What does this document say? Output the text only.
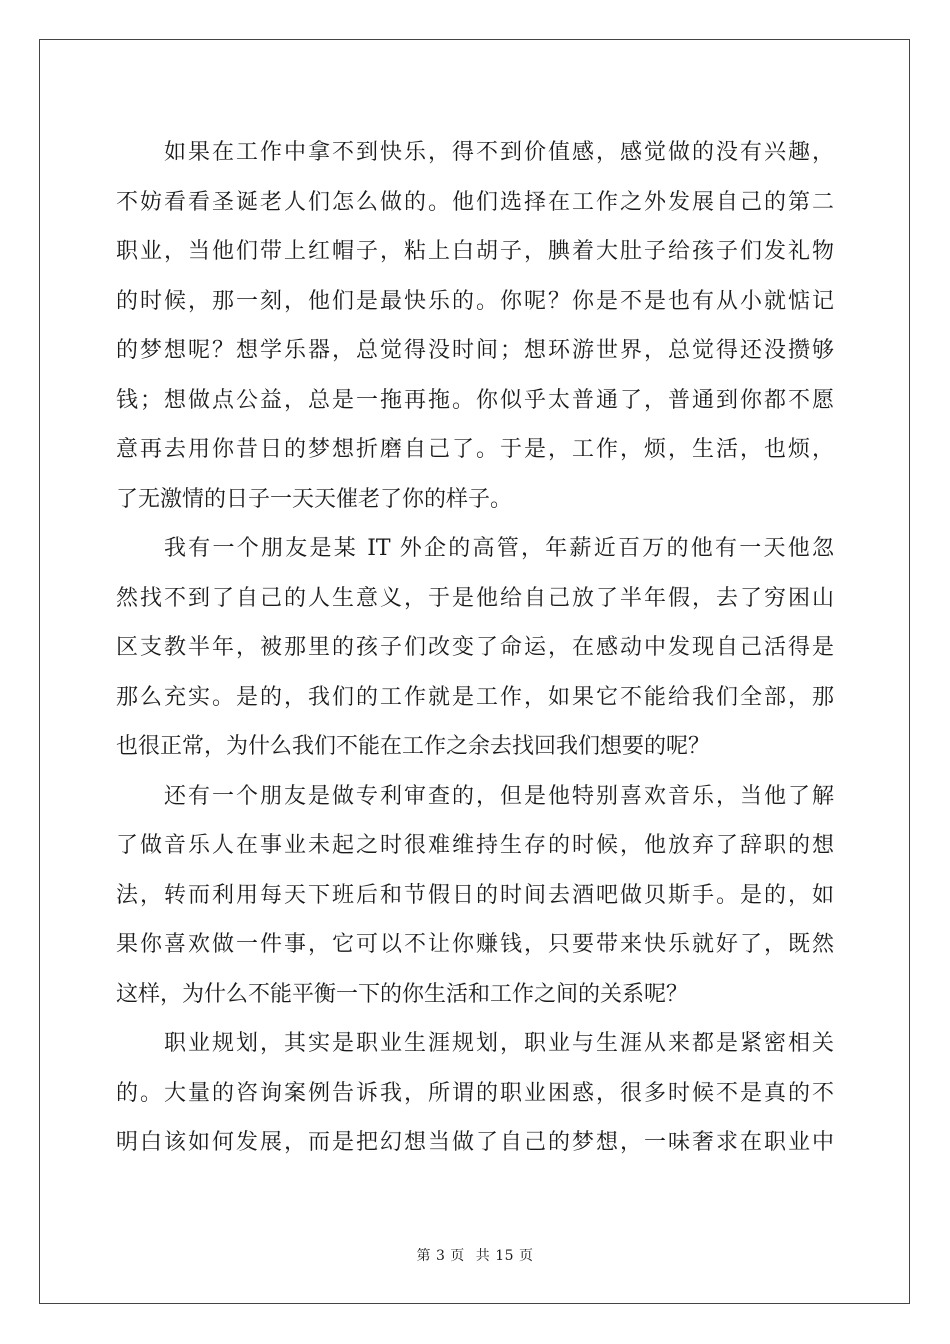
如果在工作中拿不到快乐，得不到价值感，感觉做的没有兴趣，
不妨看看圣诞老人们怎么做的。他们选择在工作之外发展自己的第二
职业，当他们带上红帽子，粘上白胡子，腆着大肚子给孩子们发礼物
的时候，那一刻，他们是最快乐的。你呢？你是不是也有从小就惦记
的梦想呢？想学乐器，总觉得没时间；想环游世界，总觉得还没攒够
钱；想做点公益，总是一拖再拖。你似乎太普通了，普通到你都不愿
意再去用你昔日的梦想折磨自己了。于是，工作，烦，生活，也烦，
了无激情的日子一天天催老了你的样子。
我有一个朋友是某 IT 外企的高管，年薪近百万的他有一天他忽
然找不到了自己的人生意义，于是他给自己放了半年假，去了穷困山
区支教半年，被那里的孩子们改变了命运，在感动中发现自己活得是
那么充实。是的，我们的工作就是工作，如果它不能给我们全部，那
也很正常，为什么我们不能在工作之余去找回我们想要的呢？
还有一个朋友是做专利审查的，但是他特别喜欢音乐，当他了解
了做音乐人在事业未起之时很难维持生存的时候，他放弃了辞职的想
法，转而利用每天下班后和节假日的时间去酒吧做贝斯手。是的，如
果你喜欢做一件事，它可以不让你赚钱，只要带来快乐就好了，既然
这样，为什么不能平衡一下的你生活和工作之间的关系呢？
职业规划，其实是职业生涯规划，职业与生涯从来都是紧密相关
的。大量的咨询案例告诉我，所谓的职业困惑，很多时候不是真的不
明白该如何发展，而是把幻想当做了自己的梦想，一味奢求在职业中
第 3 页 共 15 页
